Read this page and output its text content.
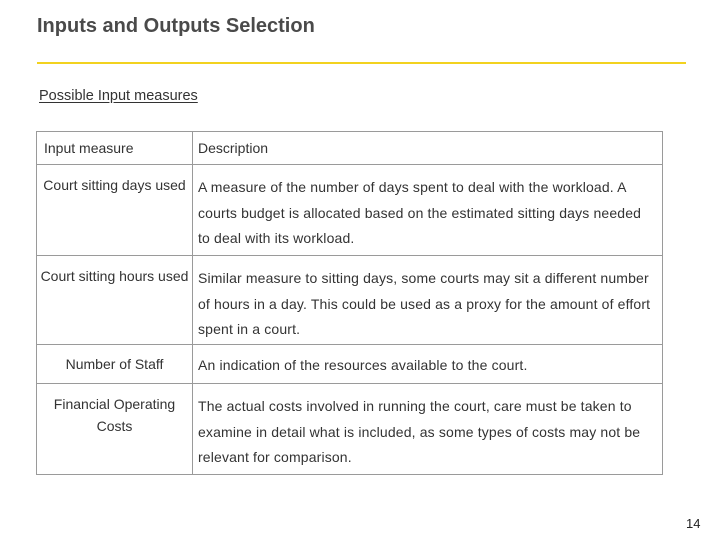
Inputs and Outputs Selection
Possible Input measures
Input measure	Description
Court sitting days used	A measure of the number of days spent to deal with the workload. A courts budget is allocated based on the estimated sitting days needed to deal with its workload.
Court sitting hours used	Similar measure to sitting days, some courts may sit a different number of hours in a day. This could be used as a proxy for the amount of effort spent in a court.
Number of Staff	An indication of the resources available to the court.
Financial Operating Costs	The actual costs involved in running the court, care must be taken to examine in detail what is included, as some types of costs may not be relevant for comparison.
14
